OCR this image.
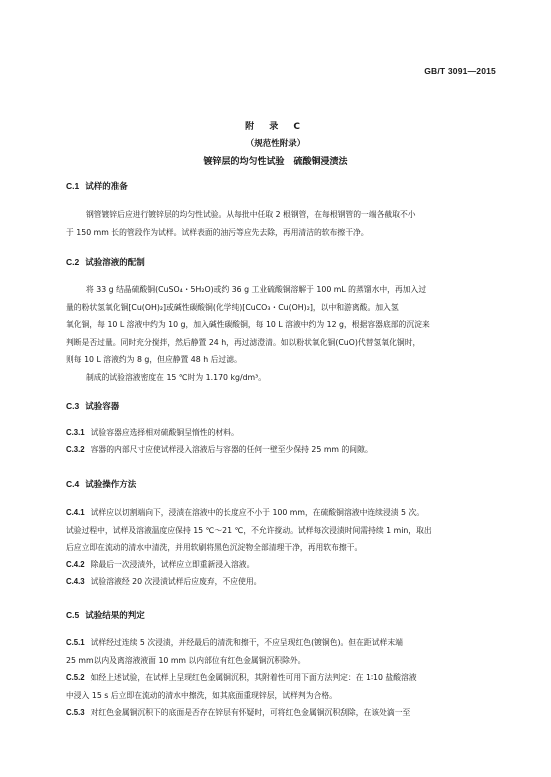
GB/T 3091—2015
附 录 C
（规范性附录）
镀锌层的均匀性试验　硫酸铜浸渍法
C.1 试样的准备
钢管镀锌后应进行镀锌层的均匀性试验。从每批中任取 2 根钢管，在每根钢管的一端各截取不小
于 150 mm 长的管段作为试样。试样表面的油污等应先去除，再用清洁的软布擦干净。
C.2 试验溶液的配制
将 33 g 结晶硫酸铜(CuSO₄・5H₂O)或约 36 g 工业硫酸铜溶解于 100 mL 的蒸馏水中，再加入过
量的粉状氢氧化铜[Cu(OH)₂]或碱性碳酸铜(化学纯)[CuCO₃・Cu(OH)₂]，以中和游离酸。加入氢
氧化铜，每 10 L 溶液中约为 10 g，加入碱性碳酸铜，每 10 L 溶液中约为 12 g，根据容器底部的沉淀来
判断是否过量。同时充分搅拌，然后静置 24 h，再过滤澄清。如以粉状氧化铜(CuO)代替氢氧化铜时，
则每 10 L 溶液约为 8 g，但应静置 48 h 后过滤。
制成的试验溶液密度在 15 ℃时为 1.170 kg/dm³。
C.3 试验容器
C.3.1 试验容器应选择相对硫酸铜呈惰性的材料。
C.3.2 容器的内部尺寸应使试样浸入溶液后与容器的任何一壁至少保持 25 mm 的间隙。
C.4 试验操作方法
C.4.1 试样应以切割端向下，浸渍在溶液中的长度应不小于 100 mm，在硫酸铜溶液中连续浸渍 5 次。
试验过程中，试样及溶液温度应保持 15 ℃～21 ℃，不允许搅动。试样每次浸渍时间需持续 1 min，取出
后应立即在流动的清水中清洗，并用软刷将黑色沉淀物全部清理干净，再用软布擦干。
C.4.2 除最后一次浸渍外，试样应立即重新浸入溶液。
C.4.3 试验溶液经 20 次浸渍试样后应废弃，不应使用。
C.5 试验结果的判定
C.5.1 试样经过连续 5 次浸渍，并经最后的清洗和擦干，不应呈现红色(镀铜色)。但在距试样末端
25 mm以内及离溶液液面 10 mm 以内部位有红色金属铜沉积除外。
C.5.2 如经上述试验，在试样上呈现红色金属铜沉积，其附着性可用下面方法判定：在 1∶10 盐酸溶液
中浸入 15 s 后立即在流动的清水中擦洗，如其底面重现锌层，试样判为合格。
C.5.3 对红色金属铜沉积下的底面是否存在锌层有怀疑时，可将红色金属铜沉积刮除，在该处滴一至
